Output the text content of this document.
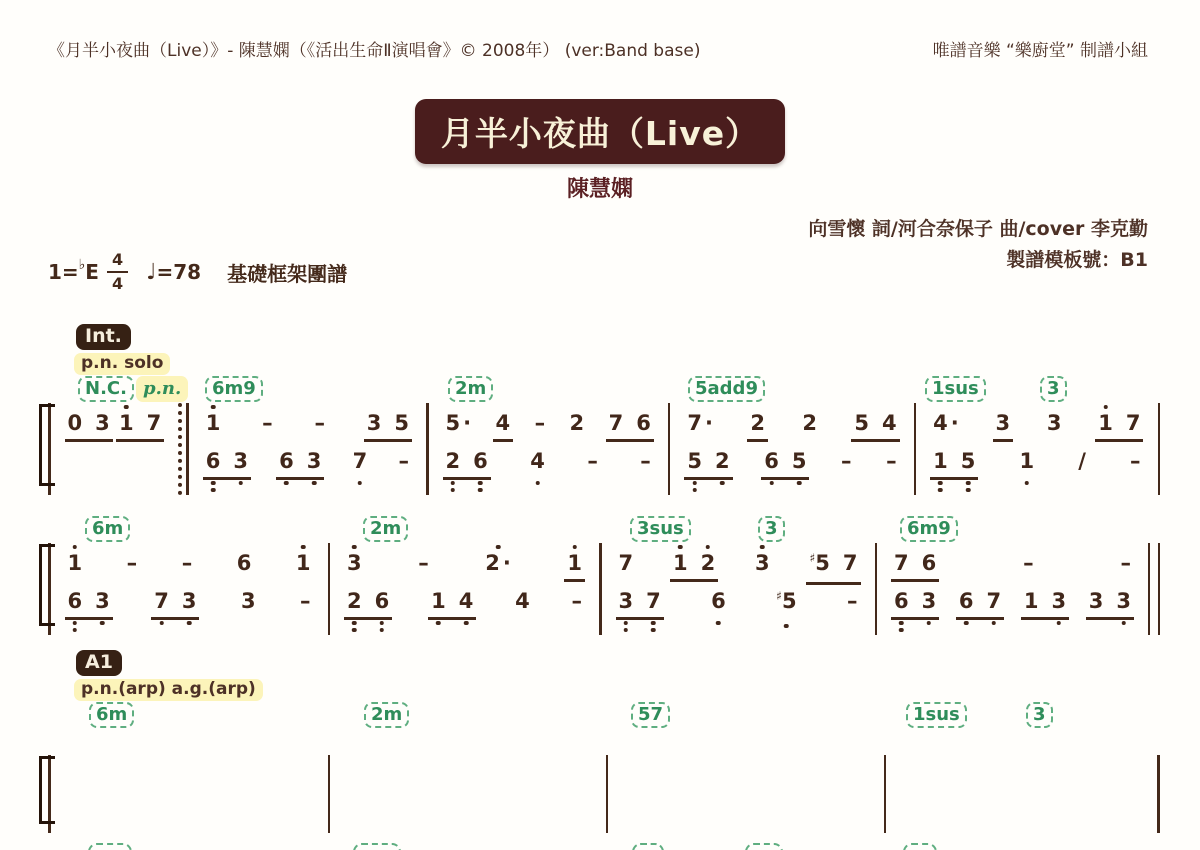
《月半小夜曲（Live）》- 陳慧嫻（《活出生命Ⅱ演唱會》© 2008年） (ver:Band base)	唯譜音樂 “樂廚堂” 制譜小組
月半小夜曲（Live）
陳慧嫻
向雪懷 詞/河合奈保子 曲/cover 李克勤
製譜模板號：B1
1= ♭ E $\frac{4}{4}$ ♩=78 基礎框架團譜
Int.
p.n. solo
N.C. p.n.	6m9	2m	5add9	1sus	3
0 3 1 7 1 – – 3 5
6 3 6 3 7 –
5 · 4 – 2 7 6
2 6 4 – –
7 · 2 2 5 4
5 2 6 5 – –
4 · 3 3 1 7
1 5 1 / –
6m	2m	3sus	3	6m9
1 – – 6 1
6 3 7 3 3 –
3	–	2 ·	1
2 6 1 4 4 –
7 1 2 3	♯5 7
3 7 6	♯5 –
7 6	–	–
6 3 6 7 1 3 3 3
A1
p.n.(arp) a.g.(arp)
6m	2m	57	1sus	3
